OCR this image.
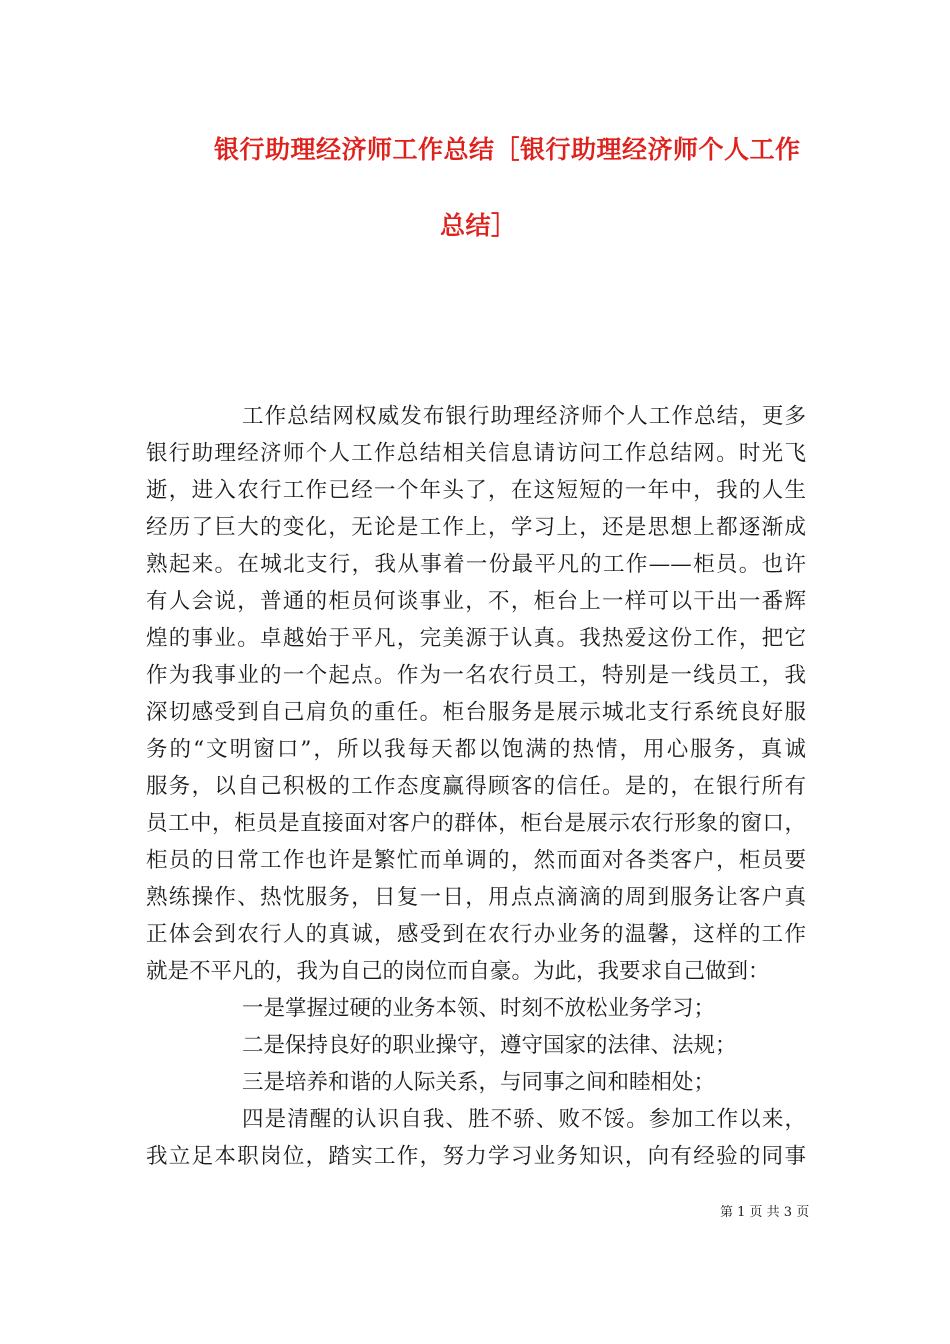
银行助理经济师工作总结［银行助理经济师个人工作
总结］
工作总结网权威发布银行助理经济师个人工作总结，更多
银行助理经济师个人工作总结相关信息请访问工作总结网。时光飞
逝，进入农行工作已经一个年头了，在这短短的一年中，我的人生
经历了巨大的变化，无论是工作上，学习上，还是思想上都逐渐成
熟起来。在城北支行，我从事着一份最平凡的工作——柜员。也许
有人会说，普通的柜员何谈事业，不，柜台上一样可以干出一番辉
煌的事业。卓越始于平凡，完美源于认真。我热爱这份工作，把它
作为我事业的一个起点。作为一名农行员工，特别是一线员工，我
深切感受到自己肩负的重任。柜台服务是展示城北支行系统良好服
务的“文明窗口”，所以我每天都以饱满的热情，用心服务，真诚
服务，以自己积极的工作态度赢得顾客的信任。是的，在银行所有
员工中，柜员是直接面对客户的群体，柜台是展示农行形象的窗口，
柜员的日常工作也许是繁忙而单调的，然而面对各类客户，柜员要
熟练操作、热忱服务，日复一日，用点点滴滴的周到服务让客户真
正体会到农行人的真诚，感受到在农行办业务的温馨，这样的工作
就是不平凡的，我为自己的岗位而自豪。为此，我要求自己做到：
一是掌握过硬的业务本领、时刻不放松业务学习；
二是保持良好的职业操守，遵守国家的法律、法规；
三是培养和谐的人际关系，与同事之间和睦相处；
四是清醒的认识自我、胜不骄、败不馁。参加工作以来，
我立足本职岗位，踏实工作，努力学习业务知识，向有经验的同事
第 1 页 共 3 页
